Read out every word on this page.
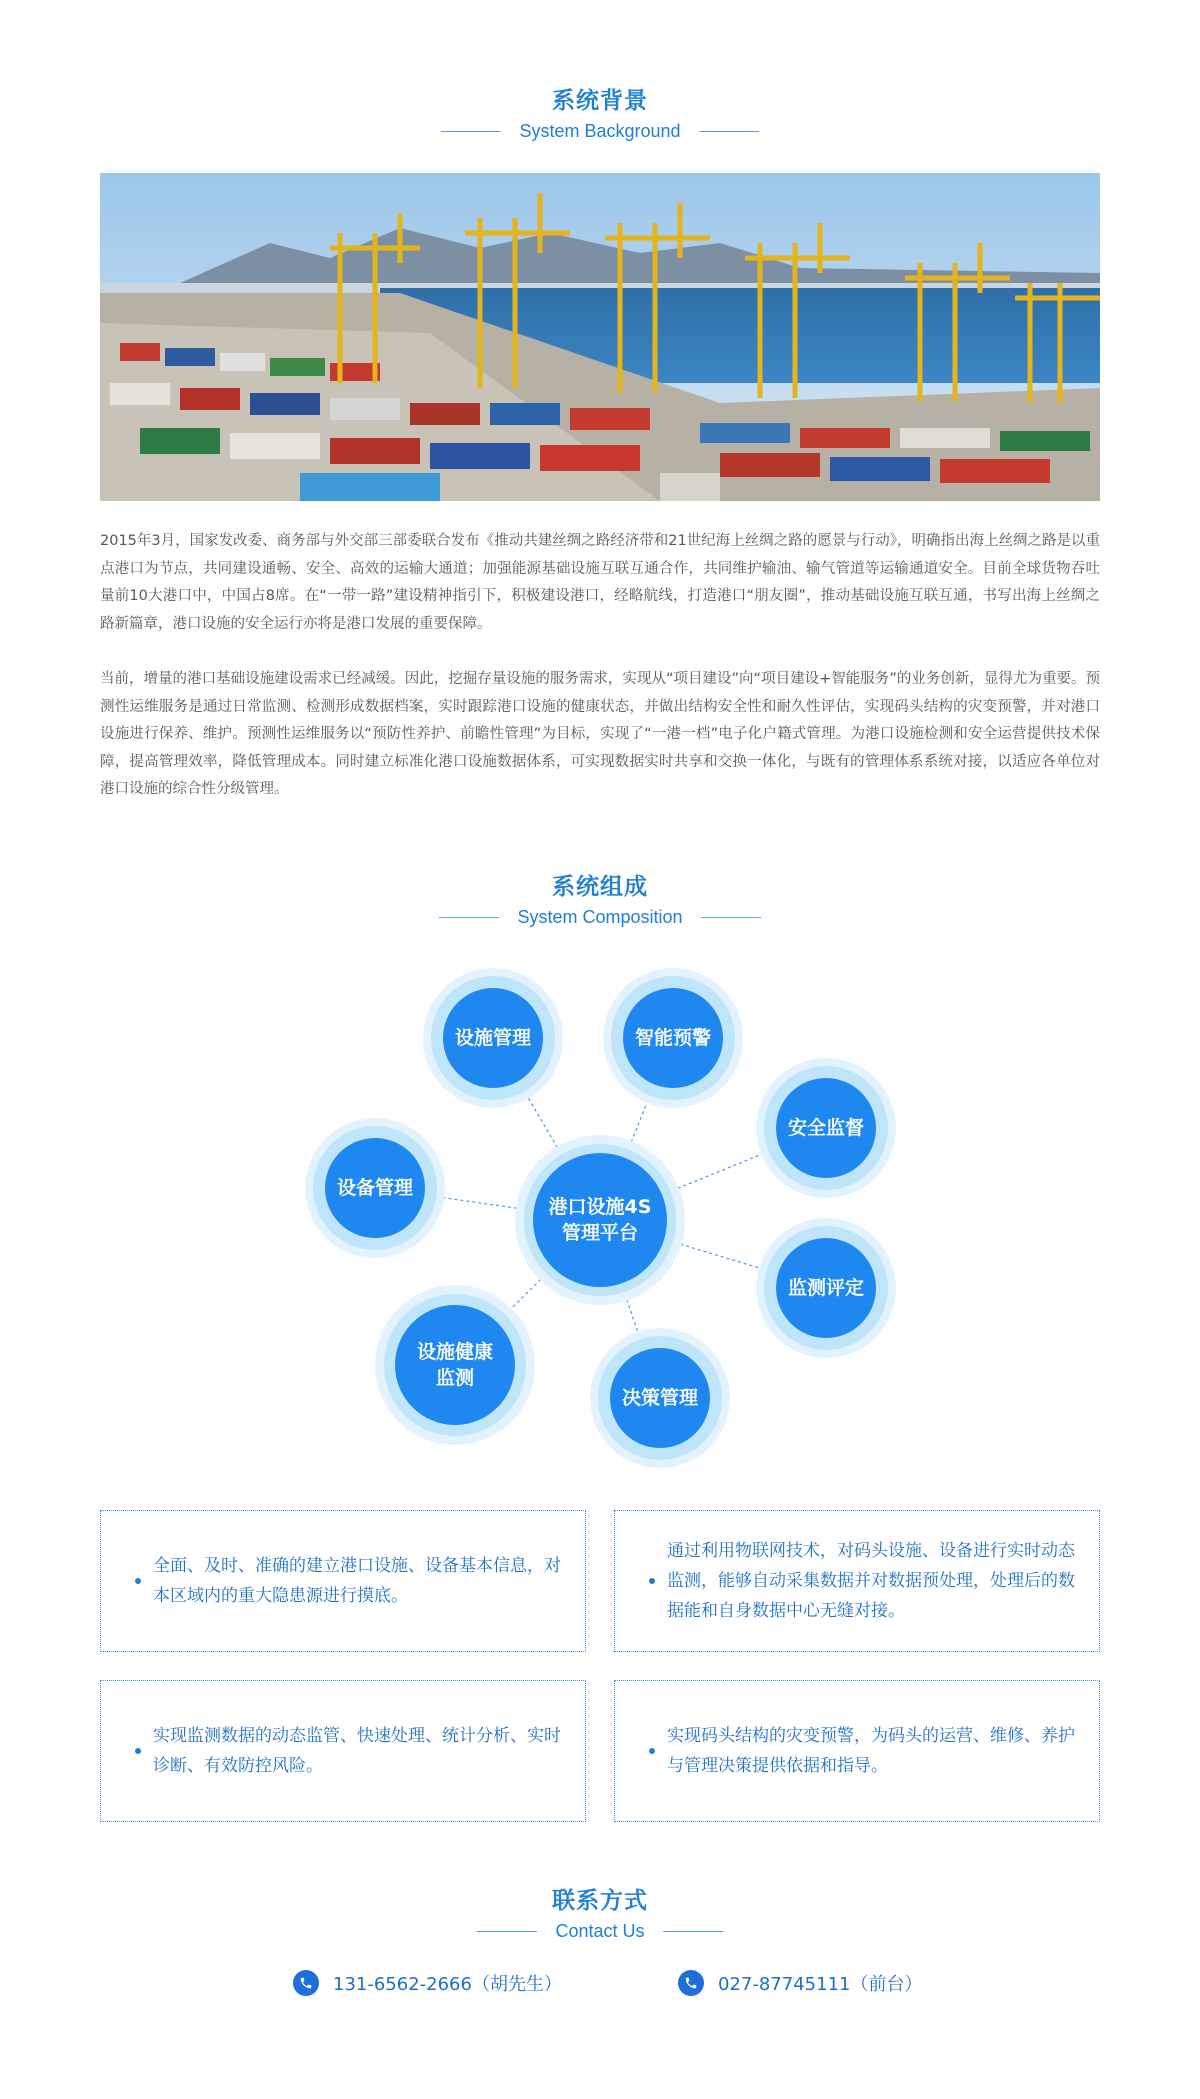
系统背景
System Background
2015年3月，国家发改委、商务部与外交部三部委联合发布《推动共建丝绸之路经济带和21世纪海上丝绸之路的愿景与行动》，明确指出海上丝绸之路是以重点港口为节点，共同建设通畅、安全、高效的运输大通道；加强能源基础设施互联互通合作，共同维护输油、输气管道等运输通道安全。目前全球货物吞吐量前10大港口中，中国占8席。在“一带一路”建设精神指引下，积极建设港口，经略航线，打造港口“朋友圈”，推动基础设施互联互通，书写出海上丝绸之路新篇章，港口设施的安全运行亦将是港口发展的重要保障。
当前，增量的港口基础设施建设需求已经减缓。因此，挖掘存量设施的服务需求，实现从“项目建设”向“项目建设+智能服务”的业务创新，显得尤为重要。预测性运维服务是通过日常监测、检测形成数据档案，实时跟踪港口设施的健康状态，并做出结构安全性和耐久性评估，实现码头结构的灾变预警，并对港口设施进行保养、维护。预测性运维服务以“预防性养护、前瞻性管理”为目标，实现了“一港一档”电子化户籍式管理。为港口设施检测和安全运营提供技术保障，提高管理效率，降低管理成本。同时建立标准化港口设施数据体系，可实现数据实时共享和交换一体化，与既有的管理体系系统对接，以适应各单位对港口设施的综合性分级管理。
系统组成
System Composition
港口设施4S
管理平台
设施管理	智能预警
安全监督
设备管理
监测评定
设施健康
监测
决策管理
全面、及时、准确的建立港口设施、设备基本信息，对本区域内的重大隐患源进行摸底。
通过利用物联网技术，对码头设施、设备进行实时动态监测，能够自动采集数据并对数据预处理，处理后的数据能和自身数据中心无缝对接。
实现监测数据的动态监管、快速处理、统计分析、实时诊断、有效防控风险。
实现码头结构的灾变预警，为码头的运营、维修、养护与管理决策提供依据和指导。
联系方式
Contact Us
131-6562-2666（胡先生）	027-87745111（前台）
